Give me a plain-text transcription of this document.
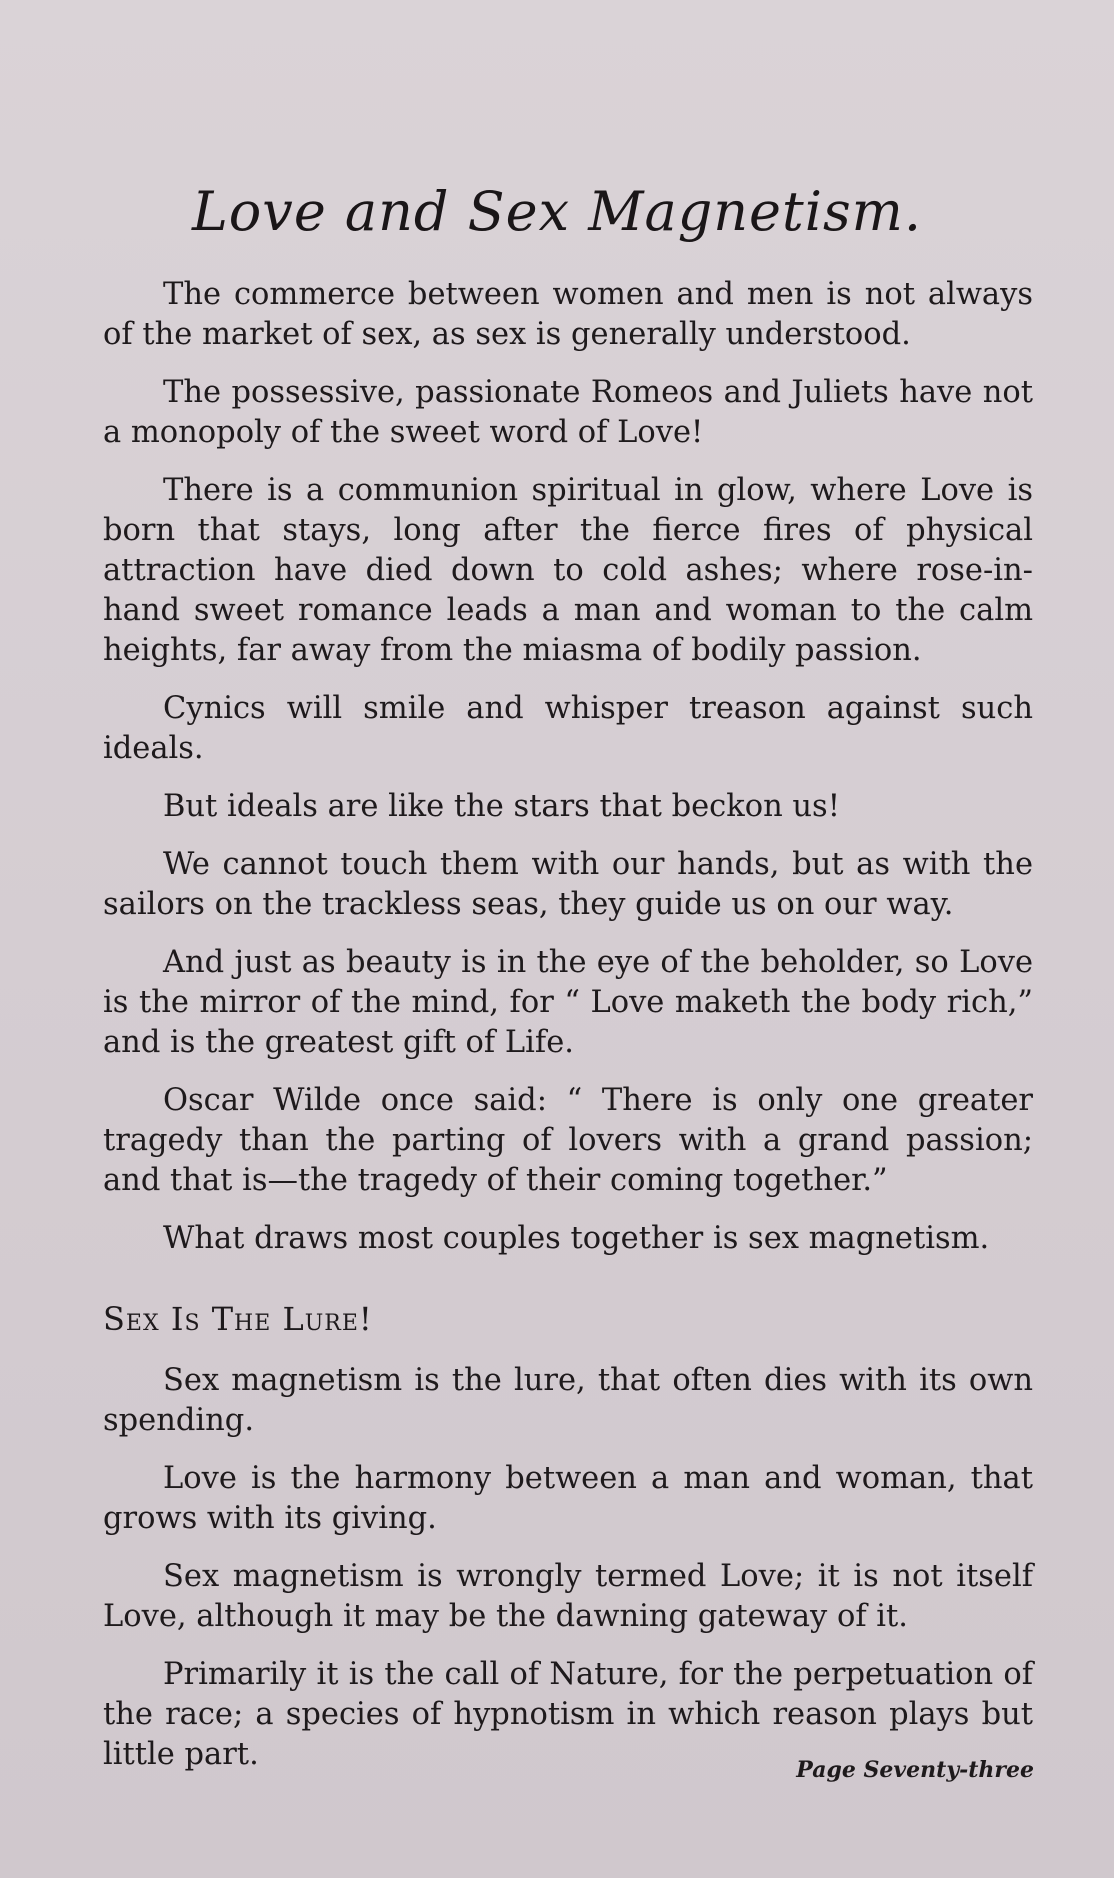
Love and Sex Magnetism.

The commerce between women and men is not always of the market of sex, as sex is generally understood.

The possessive, passionate Romeos and Juliets have not a monopoly of the sweet word of Love!

There is a communion spiritual in glow, where Love is born that stays, long after the fierce fires of physical attraction have died down to cold ashes; where rose-in-hand sweet romance leads a man and woman to the calm heights, far away from the miasma of bodily passion.

Cynics will smile and whisper treason against such ideals.

But ideals are like the stars that beckon us!

We cannot touch them with our hands, but as with the sailors on the trackless seas, they guide us on our way.

And just as beauty is in the eye of the beholder, so Love is the mirror of the mind, for “ Love maketh the body rich,” and is the greatest gift of Life.

Oscar Wilde once said: “ There is only one greater tragedy than the parting of lovers with a grand passion; and that is—the tragedy of their coming together.”

What draws most couples together is sex magnetism.

Sex Is The Lure!

Sex magnetism is the lure, that often dies with its own spending.

Love is the harmony between a man and woman, that grows with its giving.

Sex magnetism is wrongly termed Love; it is not itself Love, although it may be the dawning gateway of it.

Primarily it is the call of Nature, for the perpetuation of the race; a species of hypnotism in which reason plays but little part.	Page Seventy-three
